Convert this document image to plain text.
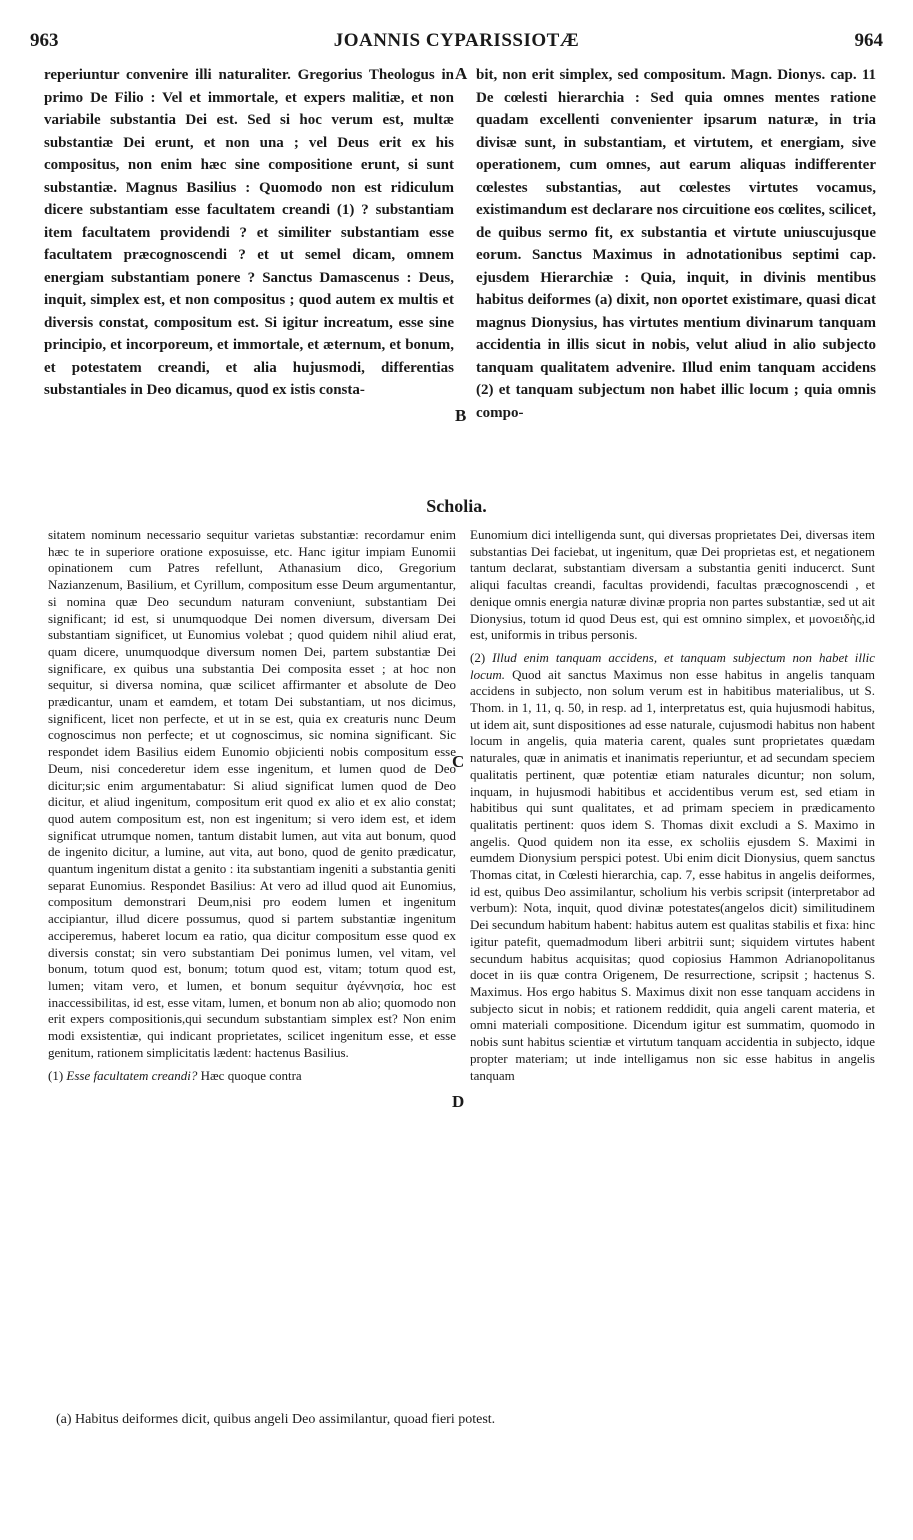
963	JOANNIS CYPARISSIOTÆ	964
A
B
C
D

reperiuntur convenire illi naturaliter. Gregorius Theologus in primo De Filio : Vel et immortale, et expers malitiæ, et non variabile substantia Dei est. Sed si hoc verum est, multæ substantiæ Dei erunt, et non una ; vel Deus erit ex his compositus, non enim hæc sine compositione erunt, si sunt substantiæ. Magnus Basilius : Quomodo non est ridiculum dicere substantiam esse facultatem creandi (1) ? substantiam item facultatem providendi ? et similiter substantiam esse facultatem præcognoscendi ? et ut semel dicam, omnem energiam substantiam ponere ? Sanctus Damascenus : Deus, inquit, simplex est, et non compositus ; quod autem ex multis et diversis constat, compositum est. Si igitur increatum, esse sine principio, et incorporeum, et immortale, et æternum, et bonum, et potestatem creandi, et alia hujusmodi, differentias substantiales in Deo dicamus, quod ex istis consta-

bit, non erit simplex, sed compositum. Magn. Dionys. cap. 11 De cœlesti hierarchia : Sed quia omnes mentes ratione quadam excellenti convenienter ipsarum naturæ, in tria divisæ sunt, in substantiam, et virtutem, et energiam, sive operationem, cum omnes, aut earum aliquas indifferenter cœlestes substantias, aut cœlestes virtutes vocamus, existimandum est declarare nos circuitione eos cœlites, scilicet, de quibus sermo fit, ex substantia et virtute uniuscujusque eorum. Sanctus Maximus in adnotationibus septimi cap. ejusdem Hierarchiæ : Quia, inquit, in divinis mentibus habitus deiformes (a) dixit, non oportet existimare, quasi dicat magnus Dionysius, has virtutes mentium divinarum tanquam accidentia in illis sicut in nobis, velut aliud in alio subjecto tanquam qualitatem advenire. Illud enim tanquam accidens (2) et tanquam subjectum non habet illic locum ; quia omnis compo-

Scholia.

sitatem nominum necessario sequitur varietas substantiæ: recordamur enim hæc te in superiore oratione exposuisse, etc. Hanc igitur impiam Eunomii opinationem cum Patres refellunt, Athanasium dico, Gregorium Nazianzenum, Basilium, et Cyrillum, compositum esse Deum argumentantur, si nomina quæ Deo secundum naturam conveniunt, substantiam Dei significant; id est, si unumquodque Dei nomen diversum, diversam Dei substantiam significet, ut Eunomius volebat ; quod quidem nihil aliud erat, quam dicere, unumquodque diversum nomen Dei, partem substantiæ Dei significare, ex quibus una substantia Dei composita esset ; at hoc non sequitur, si diversa nomina, quæ scilicet affirmanter et absolute de Deo prædicantur, unam et eamdem, et totam Dei substantiam, ut nos dicimus, significent, licet non perfecte, et ut in se est, quia ex creaturis nunc Deum cognoscimus non perfecte; et ut cognoscimus, sic nomina significant. Sic respondet idem Basilius eidem Eunomio objicienti nobis compositum esse Deum, nisi concederetur idem esse ingenitum, et lumen quod de Deo dicitur;sic enim argumentabatur: Si aliud significat lumen quod de Deo dicitur, et aliud ingenitum, compositum erit quod ex alio et ex alio constat; quod autem compositum est, non est ingenitum; si vero idem est, et idem significat utrumque nomen, tantum distabit lumen, aut vita aut bonum, quod de ingenito dicitur, a lumine, aut vita, aut bono, quod de genito prædicatur, quantum ingenitum distat a genito : ita substantiam ingeniti a substantia geniti separat Eunomius. Respondet Basilius: At vero ad illud quod ait Eunomius, compositum demonstrari Deum,nisi pro eodem lumen et ingenitum accipiantur, illud dicere possumus, quod si partem substantiæ ingenitum acciperemus, haberet locum ea ratio, qua dicitur compositum esse quod ex diversis constat; sin vero substantiam Dei ponimus lumen, vel vitam, vel bonum, totum quod est, bonum; totum quod est, vitam; totum quod est, lumen; vitam vero, et lumen, et bonum sequitur ἀγέννησία, hoc est inaccessibilitas, id est, esse vitam, lumen, et bonum non ab alio; quomodo non erit expers compositionis,qui secundum substantiam simplex est? Non enim modi exsistentiæ, qui indicant proprietates, scilicet ingenitum esse, et esse genitum, rationem simplicitatis lædent: hactenus Basilius.

(1) Esse facultatem creandi? Hæc quoque contra

Eunomium dici intelligenda sunt, qui diversas proprietates Dei, diversas item substantias Dei faciebat, ut ingenitum, quæ Dei proprietas est, et negationem tantum declarat, substantiam diversam a substantia geniti inducerct. Sunt aliqui facultas creandi, facultas providendi, facultas præcognoscendi , et denique omnis energia naturæ divinæ propria non partes substantiæ, sed ut ait Dionysius, totum id quod Deus est, qui est omnino simplex, et μονοειδὴς,id est, uniformis in tribus personis.

(2) Illud enim tanquam accidens, et tanquam subjectum non habet illic locum. Quod ait sanctus Maximus non esse habitus in angelis tanquam accidens in subjecto, non solum verum est in habitibus materialibus, ut S. Thom. in 1, 11, q. 50, in resp. ad 1, interpretatus est, quia hujusmodi habitus, ut idem ait, sunt dispositiones ad esse naturale, cujusmodi habitus non habent locum in angelis, quia materia carent, quales sunt proprietates quædam naturales, quæ in animatis et inanimatis reperiuntur, et ad secundam speciem qualitatis pertinent, quæ potentiæ etiam naturales dicuntur; non solum, inquam, in hujusmodi habitibus et accidentibus verum est, sed etiam in habitibus qui sunt qualitates, et ad primam speciem in prædicamento qualitatis pertinent: quos idem S. Thomas dixit excludi a S. Maximo in angelis. Quod quidem non ita esse, ex scholiis ejusdem S. Maximi in eumdem Dionysium perspici potest. Ubi enim dicit Dionysius, quem sanctus Thomas citat, in Cœlesti hierarchia, cap. 7, esse habitus in angelis deiformes, id est, quibus Deo assimilantur, scholium his verbis scripsit (interpretabor ad verbum): Nota, inquit, quod divinæ potestates(angelos dicit) similitudinem Dei secundum habitum habent: habitus autem est qualitas stabilis et fixa: hinc igitur patefit, quemadmodum liberi arbitrii sunt; siquidem virtutes habent secundum habitus acquisitas; quod copiosius Hammon Adrianopolitanus docet in iis quæ contra Origenem, De resurrectione, scripsit ; hactenus S. Maximus. Hos ergo habitus S. Maximus dixit non esse tanquam accidens in subjecto sicut in nobis; et rationem reddidit, quia angeli carent materia, et omni materiali compositione. Dicendum igitur est summatim, quomodo in nobis sunt habitus scientiæ et virtutum tanquam accidentia in subjecto, idque propter materiam; ut inde intelligamus non sic esse habitus in angelis tanquam

(a) Habitus deiformes dicit, quibus angeli Deo assimilantur, quoad fieri potest.
